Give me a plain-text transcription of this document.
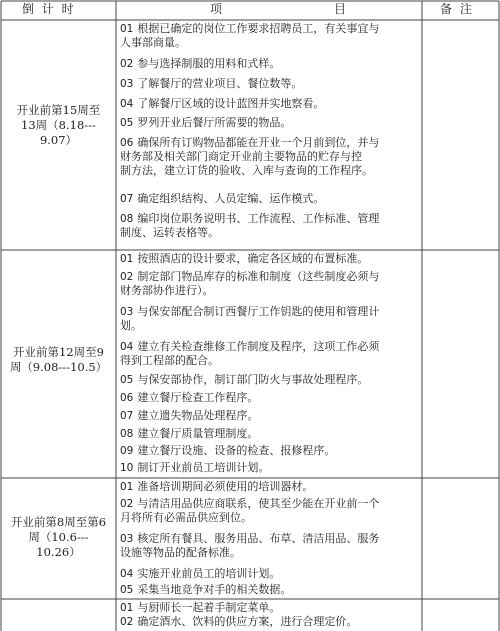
倒 计 时	项	目	备 注
开业前第15周至
13周（8.18---
9.07）
01 根据已确定的岗位工作要求招聘员工，有关事宜与
人事部商量。
02 参与选择制服的用料和式样。
03 了解餐厅的营业项目、餐位数等。
04 了解餐厅区域的设计蓝图并实地察看。
05 罗列开业后餐厅所需要的物品。
06 确保所有订购物品都能在开业一个月前到位，并与
财务部及相关部门商定开业前主要物品的贮存与控
制方法，建立订货的验收、入库与查询的工作程序。
07 确定组织结构、人员定编、运作模式。
08 编印岗位职务说明书、工作流程、工作标准、管理
制度、运转表格等。
开业前第12周至9
周（9.08---10.5）
01 按照酒店的设计要求，确定各区域的布置标准。
02 制定部门物品库存的标准和制度（这些制度必须与
财务部协作进行）。
03 与保安部配合制订西餐厅工作钥匙的使用和管理计
划。
04 建立有关检查维修工作制度及程序，这项工作必须
得到工程部的配合。
05 与保安部协作，制订部门防火与事故处理程序。
06 建立餐厅检查工作程序。
07 建立遗失物品处理程序。
08 建立餐厅质量管理制度。
09 建立餐厅设施、设备的检查、报修程序。
10 制订开业前员工培训计划。
开业前第8周至第6
周（10.6---
10.26）
01 准备培训期间必须使用的培训器材。
02 与清洁用品供应商联系，使其至少能在开业前一个
月将所有必需品供应到位。
03 核定所有餐具、服务用品、布草、清洁用品、服务
设施等物品的配备标准。
04 实施开业前员工的培训计划。
05 采集当地竞争对手的相关数据。
01 与厨师长一起着手制定菜单。
02 确定酒水、饮料的供应方案，进行合理定价。
